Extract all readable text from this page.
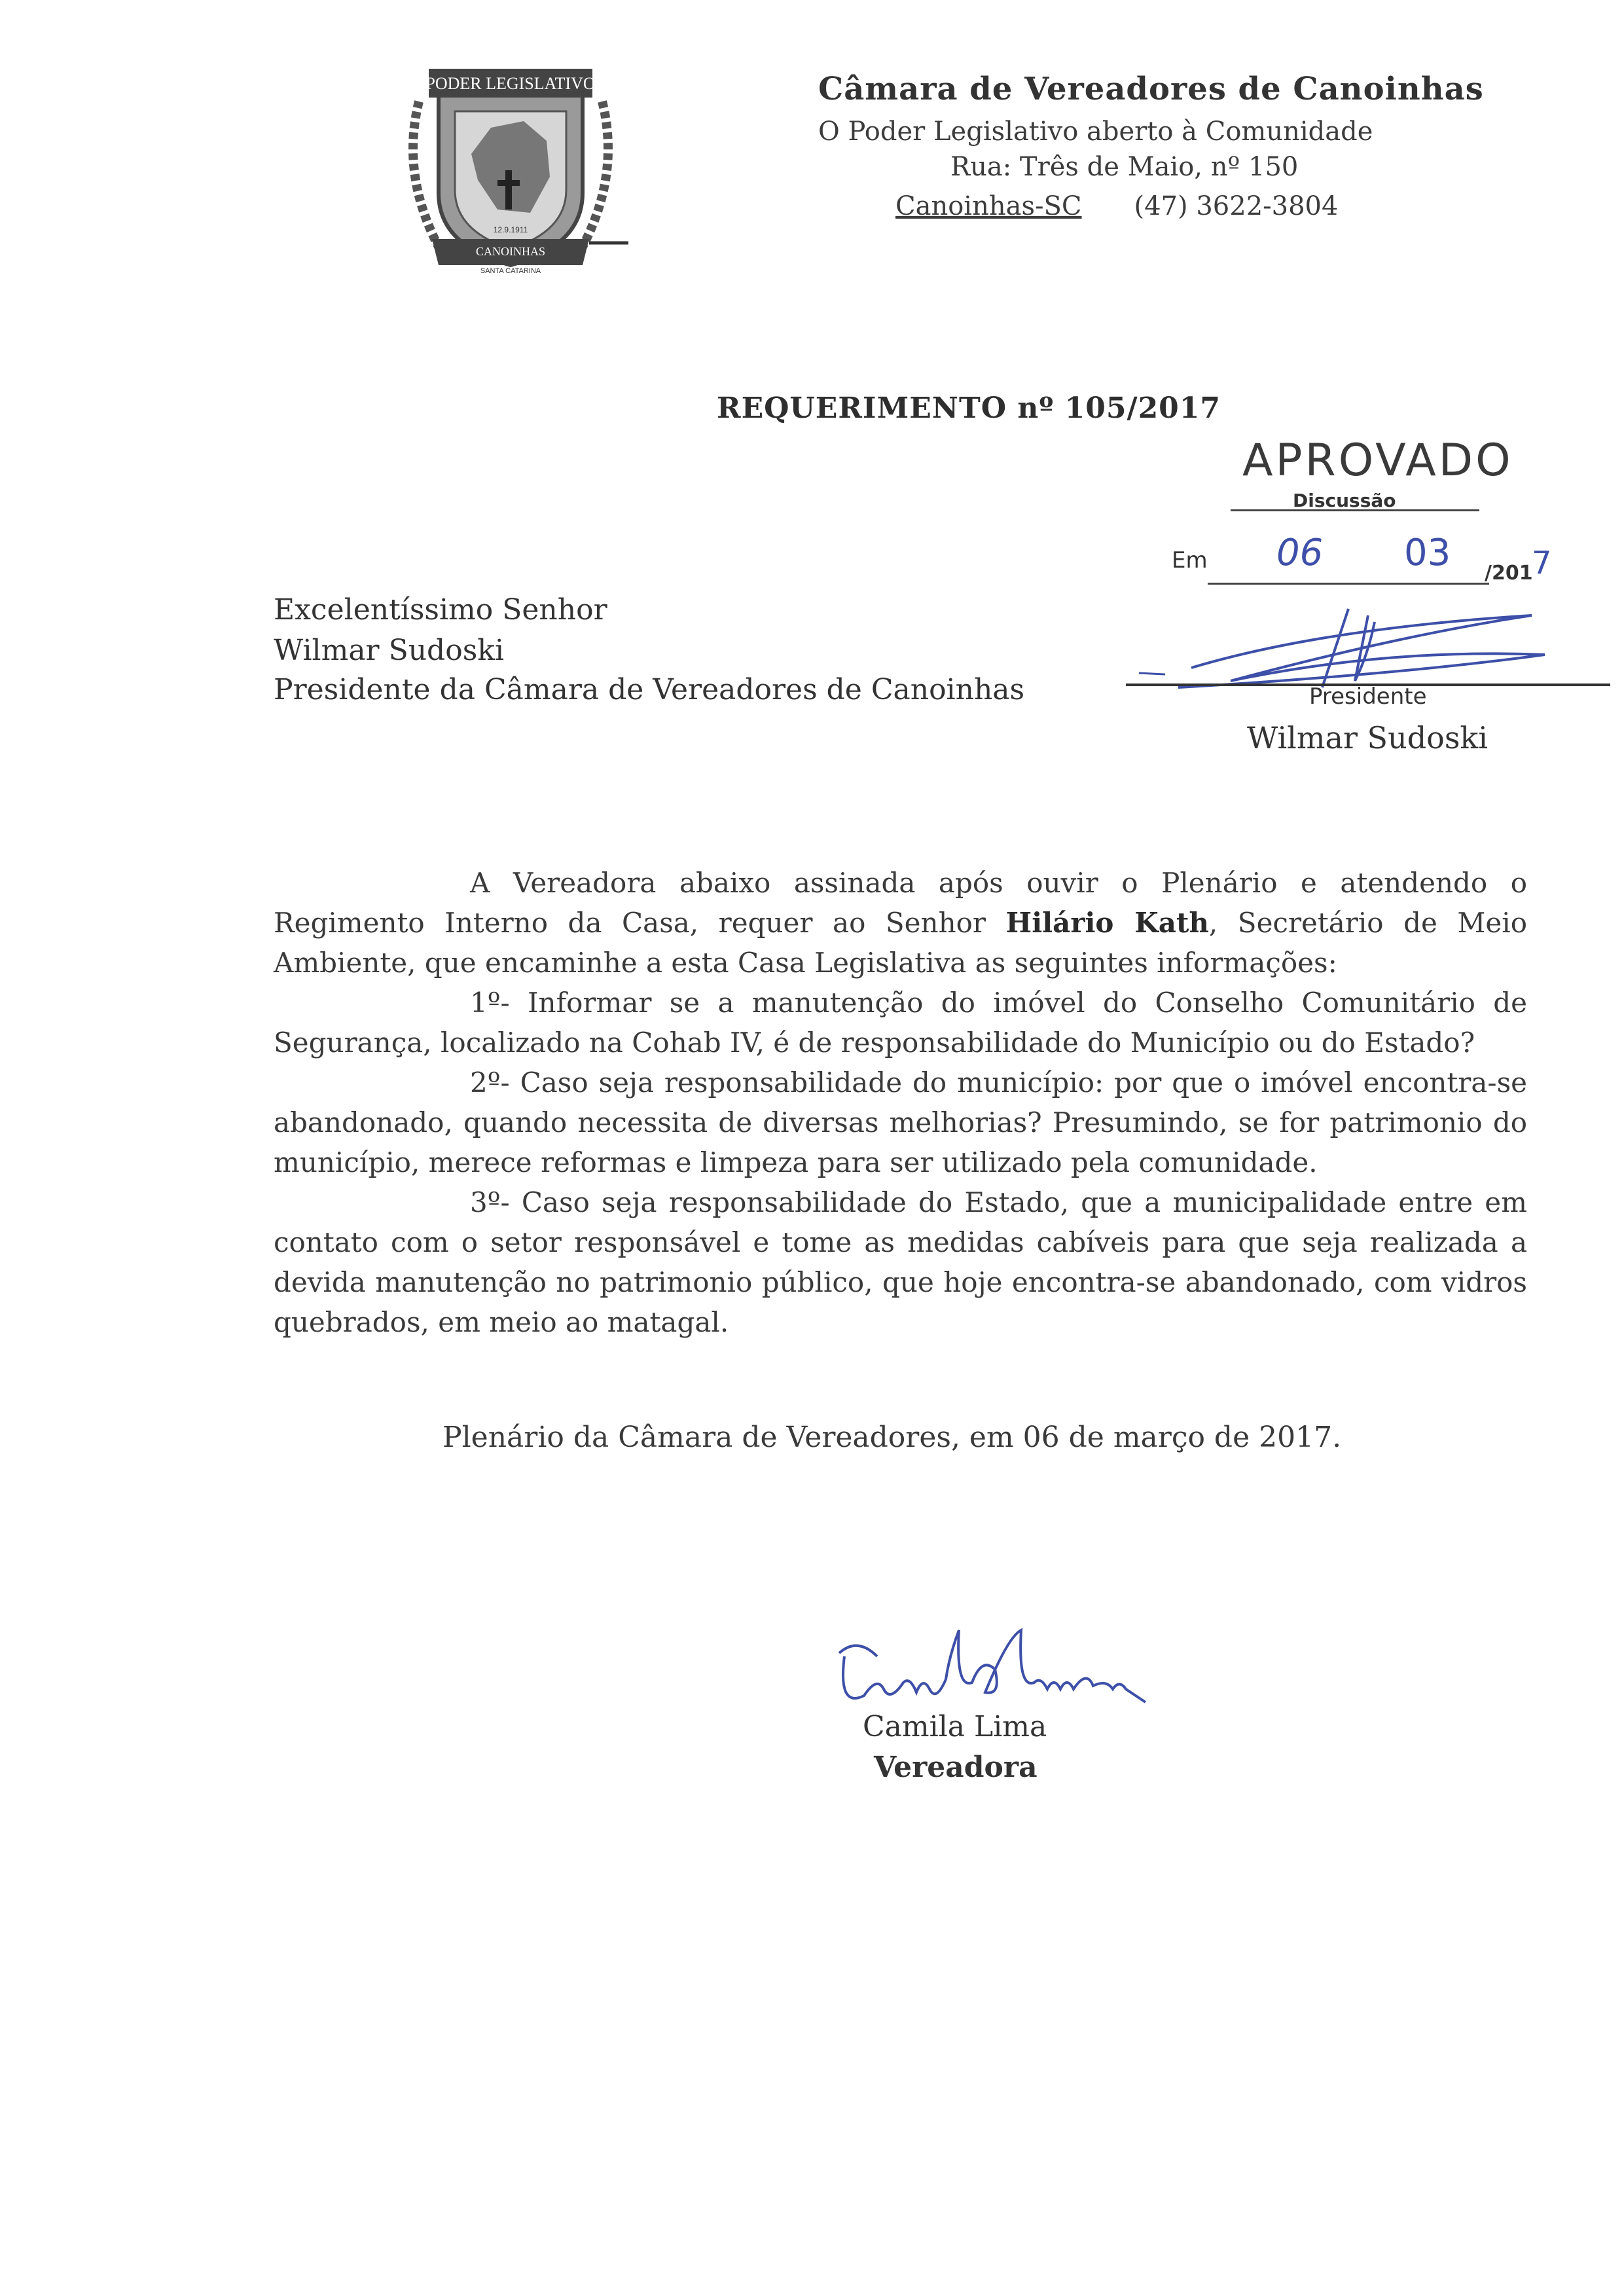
PODER LEGISLATIVO
CANOINHAS
SANTA CATARINA
12.9.1911
Câmara de Vereadores de Canoinhas
O Poder Legislativo aberto à Comunidade
Rua: Três de Maio, nº 150
Canoinhas-SC (47) 3622-3804
REQUERIMENTO nº 105/2017
APROVADO
Discussão
Em 06 03 /201
7
Presidente
Wilmar Sudoski
Excelentíssimo Senhor
Wilmar Sudoski
Presidente da Câmara de Vereadores de Canoinhas

A Vereadora abaixo assinada após ouvir o Plenário e atendendo o Regimento Interno da Casa, requer ao Senhor Hilário Kath, Secretário de Meio Ambiente, que encaminhe a esta Casa Legislativa as seguintes informações:

1º- Informar se a manutenção do imóvel do Conselho Comunitário de Segurança, localizado na Cohab IV, é de responsabilidade do Município ou do Estado?

2º- Caso seja responsabilidade do município: por que o imóvel encontra-se abandonado, quando necessita de diversas melhorias? Presumindo, se for patrimonio do município, merece reformas e limpeza para ser utilizado pela comunidade.

3º- Caso seja responsabilidade do Estado, que a municipalidade entre em contato com o setor responsável e tome as medidas cabíveis para que seja realizada a devida manutenção no patrimonio público, que hoje encontra-se abandonado, com vidros quebrados, em meio ao matagal.

Plenário da Câmara de Vereadores, em 06 de março de 2017.
Camila Lima
Vereadora
